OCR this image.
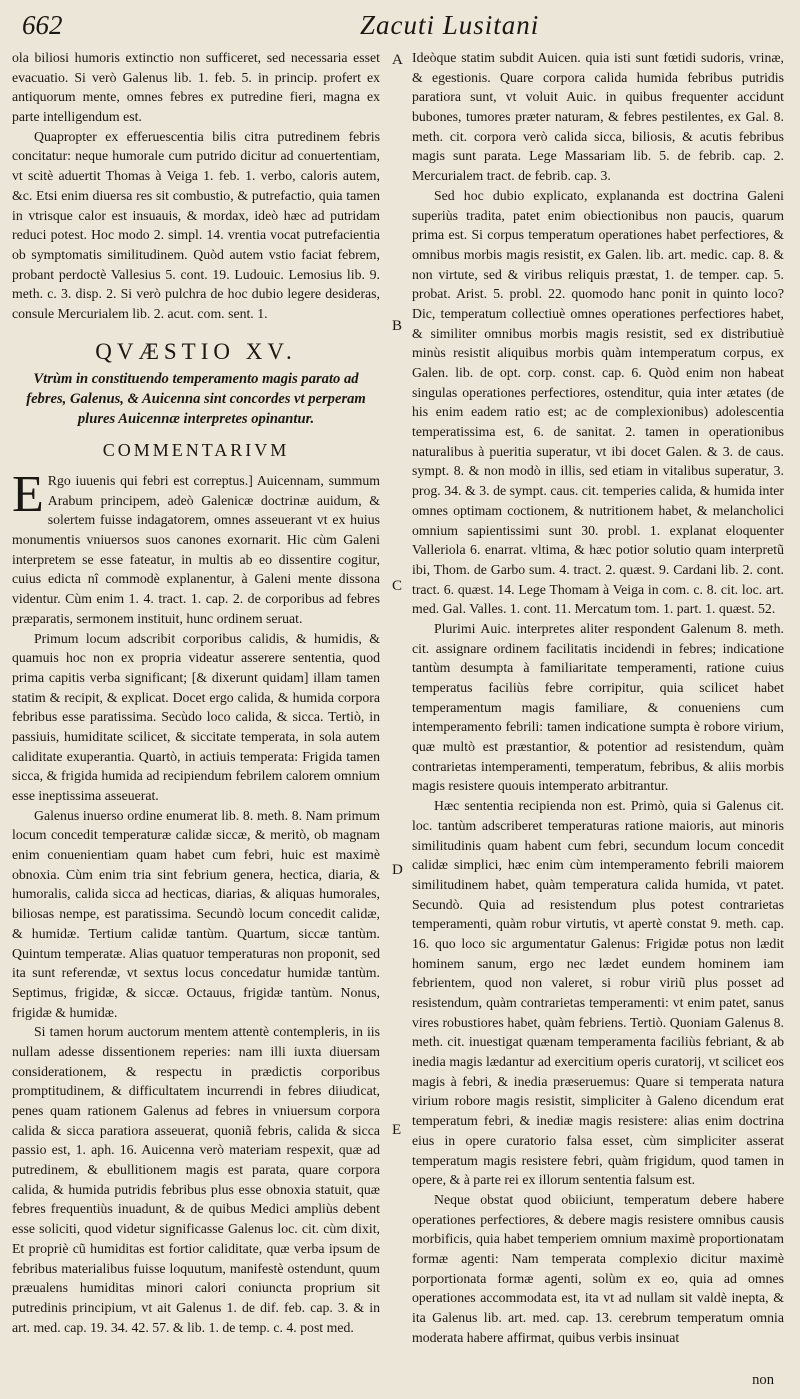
662	Zacuti Lusitani

ola biliosi humoris extinctio non sufficeret, sed necessaria esset evacuatio. Si verò Galenus lib. 1. feb. 5. in princip. profert ex antiquorum mente, omnes febres ex putredine fieri, magna ex parte intelligendum est.

Quapropter ex efferuescentia bilis citra putredinem febris concitatur: neque humorale cum putrido dicitur ad conuertentiam, vt scitè aduertit Thomas à Veiga 1. feb. 1. verbo, caloris autem, &c. Etsi enim diuersa res sit combustio, & putrefactio, quia tamen in vtrisque calor est insuauis, & mordax, ideò hæc ad putridam reduci potest. Hoc modo 2. simpl. 14. vrentia vocat putrefacientia ob symptomatis similitudinem. Quòd autem vstio faciat febrem, probant perdoctè Vallesius 5. cont. 19. Ludouic. Lemosius lib. 9. meth. c. 3. disp. 2. Si verò pulchra de hoc dubio legere desideras, consule Mercurialem lib. 2. acut. com. sent. 1.

QVÆSTIO XV.
Vtrùm in constituendo temperamento magis parato ad febres, Galenus, & Auicenna sint concordes vt perperam plures Auicennæ interpretes opinantur.
COMMENTARIVM

E Rgo iuuenis qui febri est correptus.] Auicennam, summum Arabum principem, adeò Galenicæ doctrinæ auidum, & solertem fuisse indagatorem, omnes asseuerant vt ex huius monumentis vniuersos suos canones exornarit. Hic cùm Galeni interpretem se esse fateatur, in multis ab eo dissentire cogitur, cuius edicta nî commodè explanentur, à Galeni mente dissona videntur. Cùm enim 1. 4. tract. 1. cap. 2. de corporibus ad febres præparatis, sermonem instituit, hunc ordinem seruat.

Primum locum adscribit corporibus calidis, & humidis, & quamuis hoc non ex propria videatur asserere sententia, quod prima capitis verba significant; [& dixerunt quidam] illam tamen statim & recipit, & explicat. Docet ergo calida, & humida corpora febribus esse paratissima. Secùdo loco calida, & sicca. Tertiò, in passiuis, humiditate scilicet, & siccitate temperata, in sola autem caliditate exuperantia. Quartò, in actiuis temperata: Frigida tamen sicca, & frigida humida ad recipiendum febrilem calorem omnium esse ineptissima asseuerat.

Galenus inuerso ordine enumerat lib. 8. meth. 8. Nam primum locum concedit temperaturæ calidæ siccæ, & meritò, ob magnam enim conuenientiam quam habet cum febri, huic est maximè obnoxia. Cùm enim tria sint febrium genera, hectica, diaria, & humoralis, calida sicca ad hecticas, diarias, & aliquas humorales, biliosas nempe, est paratissima. Secundò locum concedit calidæ, & humidæ. Tertium calidæ tantùm. Quartum, siccæ tantùm. Quintum temperatæ. Alias quatuor temperaturas non proponit, sed ita sunt referendæ, vt sextus locus concedatur humidæ tantùm. Septimus, frigidæ, & siccæ. Octauus, frigidæ tantùm. Nonus, frigidæ & humidæ.

Si tamen horum auctorum mentem attentè contempleris, in iis nullam adesse dissentionem reperies: nam illi iuxta diuersam considerationem, & respectu in prædictis corporibus promptitudinem, & difficultatem incurrendi in febres diiudicat, penes quam rationem Galenus ad febres in vniuersum corpora calida & sicca paratiora asseuerat, quoniã febris, calida & sicca passio est, 1. aph. 16. Auicenna verò materiam respexit, quæ ad putredinem, & ebullitionem magis est parata, quare corpora calida, & humida putridis febribus plus esse obnoxia statuit, quæ febres frequentiùs inuadunt, & de quibus Medici ampliùs debent esse soliciti, quod videtur significasse Galenus loc. cit. cùm dixit, Et propriè cũ humiditas est fortior caliditate, quæ verba ipsum de febribus materialibus fuisse loquutum, manifestè ostendunt, quum præualens humiditas minori calori coniuncta proprium sit putredinis principium, vt ait Galenus 1. de dif. feb. cap. 3. & in art. med. cap. 19. 34. 42. 57. & lib. 1. de temp. c. 4. post med.

Ideòque statim subdit Auicen. quia isti sunt fœtidi sudoris, vrinæ, & egestionis. Quare corpora calida humida febribus putridis paratiora sunt, vt voluit Auic. in quibus frequenter accidunt bubones, tumores præter naturam, & febres pestilentes, ex Gal. 8. meth. cit. corpora verò calida sicca, biliosis, & acutis febribus magis sunt parata. Lege Massariam lib. 5. de febrib. cap. 2. Mercurialem tract. de febrib. cap. 3.

Sed hoc dubio explicato, explananda est doctrina Galeni superiùs tradita, patet enim obiectionibus non paucis, quarum prima est. Si corpus temperatum operationes habet perfectiores, & omnibus morbis magis resistit, ex Galen. lib. art. medic. cap. 8. & non virtute, sed & viribus reliquis præstat, 1. de temper. cap. 5. probat. Arist. 5. probl. 22. quomodo hanc ponit in quinto loco? Dic, temperatum collectiuè omnes operationes perfectiores habet, & similiter omnibus morbis magis resistit, sed ex distributiuè minùs resistit aliquibus morbis quàm intemperatum corpus, ex Galen. lib. de opt. corp. const. cap. 6. Quòd enim non habeat singulas operationes perfectiores, ostenditur, quia inter ætates (de his enim eadem ratio est; ac de complexionibus) adolescentia temperatissima est, 6. de sanitat. 2. tamen in operationibus naturalibus à pueritia superatur, vt ibi docet Galen. & 3. de caus. sympt. 8. & non modò in illis, sed etiam in vitalibus superatur, 3. prog. 34. & 3. de sympt. caus. cit. temperies calida, & humida inter omnes optimam coctionem, & nutritionem habet, & melancholici omnium sapientissimi sunt 30. probl. 1. explanat eloquenter Valleriola 6. enarrat. vltima, & hæc potior solutio quam interpretũ ibi, Thom. de Garbo sum. 4. tract. 2. quæst. 9. Cardani lib. 2. cont. tract. 6. quæst. 14. Lege Thomam à Veiga in com. c. 8. cit. loc. art. med. Gal. Valles. 1. cont. 11. Mercatum tom. 1. part. 1. quæst. 52.

Plurimi Auic. interpretes aliter respondent Galenum 8. meth. cit. assignare ordinem facilitatis incidendi in febres; indicatione tantùm desumpta à familiaritate temperamenti, ratione cuius temperatus faciliùs febre corripitur, quia scilicet habet temperamentum magis familiare, & conueniens cum intemperamento febrili: tamen indicatione sumpta è robore virium, quæ multò est præstantior, & potentior ad resistendum, quàm contrarietas intemperamenti, temperatum, febribus, & aliis morbis magis resistere quouis intemperato arbitrantur.

Hæc sententia recipienda non est. Primò, quia si Galenus cit. loc. tantùm adscriberet temperaturas ratione maioris, aut minoris similitudinis quam habent cum febri, secundum locum concedit calidæ simplici, hæc enim cùm intemperamento febrili maiorem similitudinem habet, quàm temperatura calida humida, vt patet. Secundò. Quia ad resistendum plus potest contrarietas temperamenti, quàm robur virtutis, vt apertè constat 9. meth. cap. 16. quo loco sic argumentatur Galenus: Frigidæ potus non lædit hominem sanum, ergo nec lædet eundem hominem iam febrientem, quod non valeret, si robur viriũ plus posset ad resistendum, quàm contrarietas temperamenti: vt enim patet, sanus vires robustiores habet, quàm febriens. Tertiò. Quoniam Galenus 8. meth. cit. inuestigat quænam temperamenta faciliùs febriant, & ab inedia magis lædantur ad exercitium operis curatorij, vt scilicet eos magis à febri, & inedia præseruemus: Quare si temperata natura virium robore magis resistit, simpliciter à Galeno dicendum erat temperatum febri, & inediæ magis resistere: alias enim doctrina eius in opere curatorio falsa esset, cùm simpliciter asserat temperatum magis resistere febri, quàm frigidum, quod tamen in opere, & à parte rei ex illorum sententia falsum est.

Neque obstat quod obiiciunt, temperatum debere habere operationes perfectiores, & debere magis resistere omnibus causis morbificis, quia habet temperiem omnium maximè proportionatam formæ agenti: Nam temperata complexio dicitur maximè porportionata formæ agenti, solùm ex eo, quia ad omnes operationes accommodata est, ita vt ad nullam sit valdè inepta, & ita Galenus lib. art. med. cap. 13. cerebrum temperatum omnia moderata habere affirmat, quibus verbis insinuat

A
B
C
D
E
non
